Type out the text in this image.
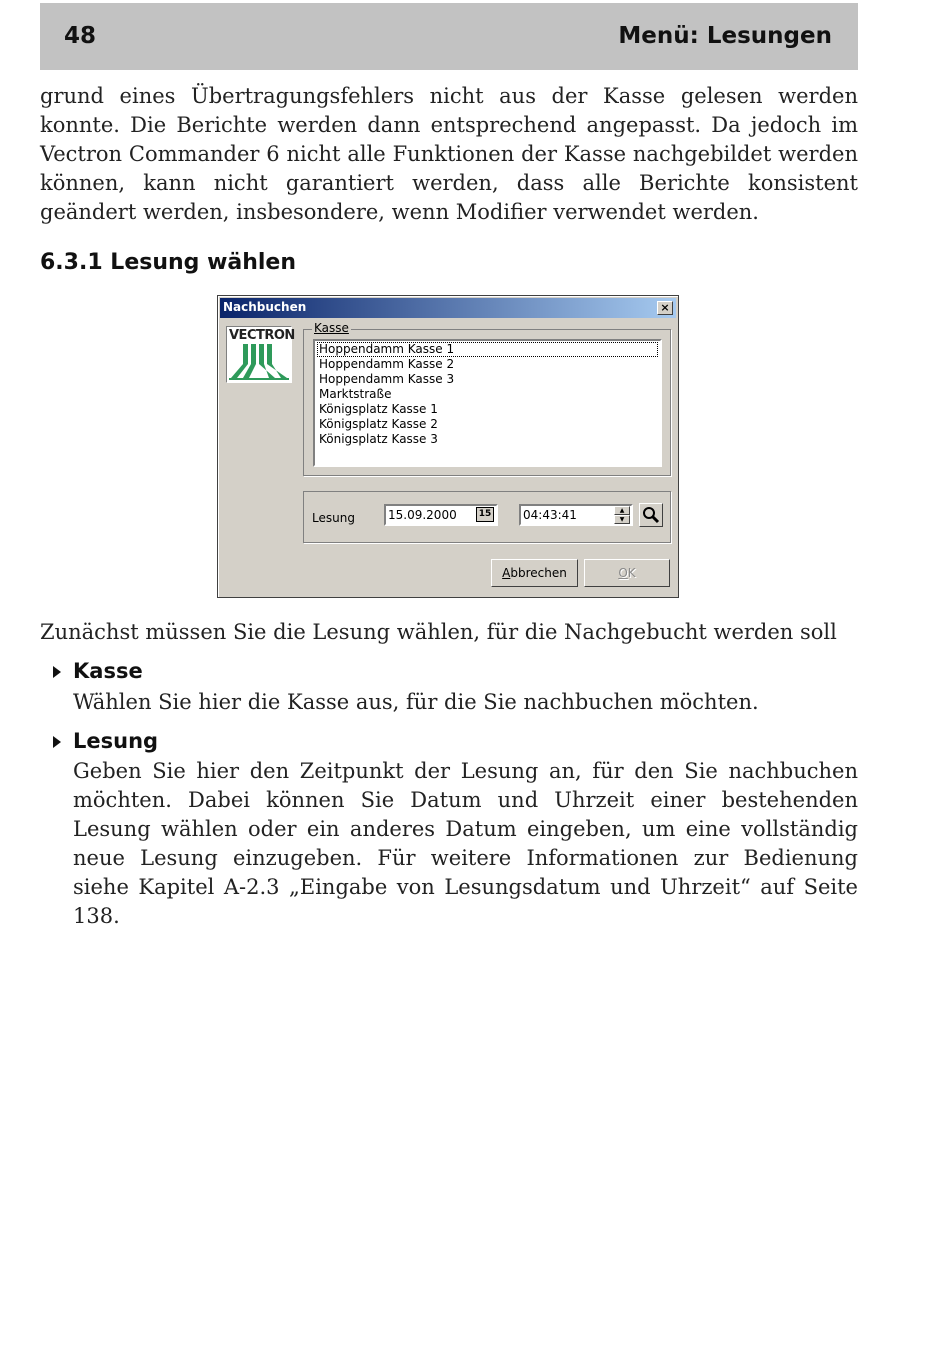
48	Menü: Lesungen

grund eines Übertragungsfehlers nicht aus der Kasse gelesen werden konnte. Die Berichte werden dann entsprechend angepasst. Da jedoch im Vectron Commander 6 nicht alle Funktionen der Kasse nachgebildet werden können, kann nicht garantiert werden, dass alle Berichte konsistent geändert werden, insbesondere, wenn Modifier verwendet werden.

6.3.1 Lesung wählen
Nachbuchen	×
VECTRON Kasse
Hoppendamm Kasse 1
Hoppendamm Kasse 2
Hoppendamm Kasse 3
Marktstraße
Königsplatz Kasse 1
Königsplatz Kasse 2
Königsplatz Kasse 3
Lesung	15.09.2000	15	04:43:41	▲
▼
Abbrechen	OK

Zunächst müssen Sie die Lesung wählen, für die Nachgebucht werden soll

Kasse

Wählen Sie hier die Kasse aus, für die Sie nachbuchen möchten.

Lesung

Geben Sie hier den Zeitpunkt der Lesung an, für den Sie nachbuchen möchten. Dabei können Sie Datum und Uhrzeit einer bestehenden Lesung wählen oder ein anderes Datum eingeben, um eine vollständig neue Lesung einzugeben. Für weitere Informationen zur Bedienung siehe Kapitel A-2.3 „Eingabe von Lesungsdatum und Uhrzeit“ auf Seite 138.
